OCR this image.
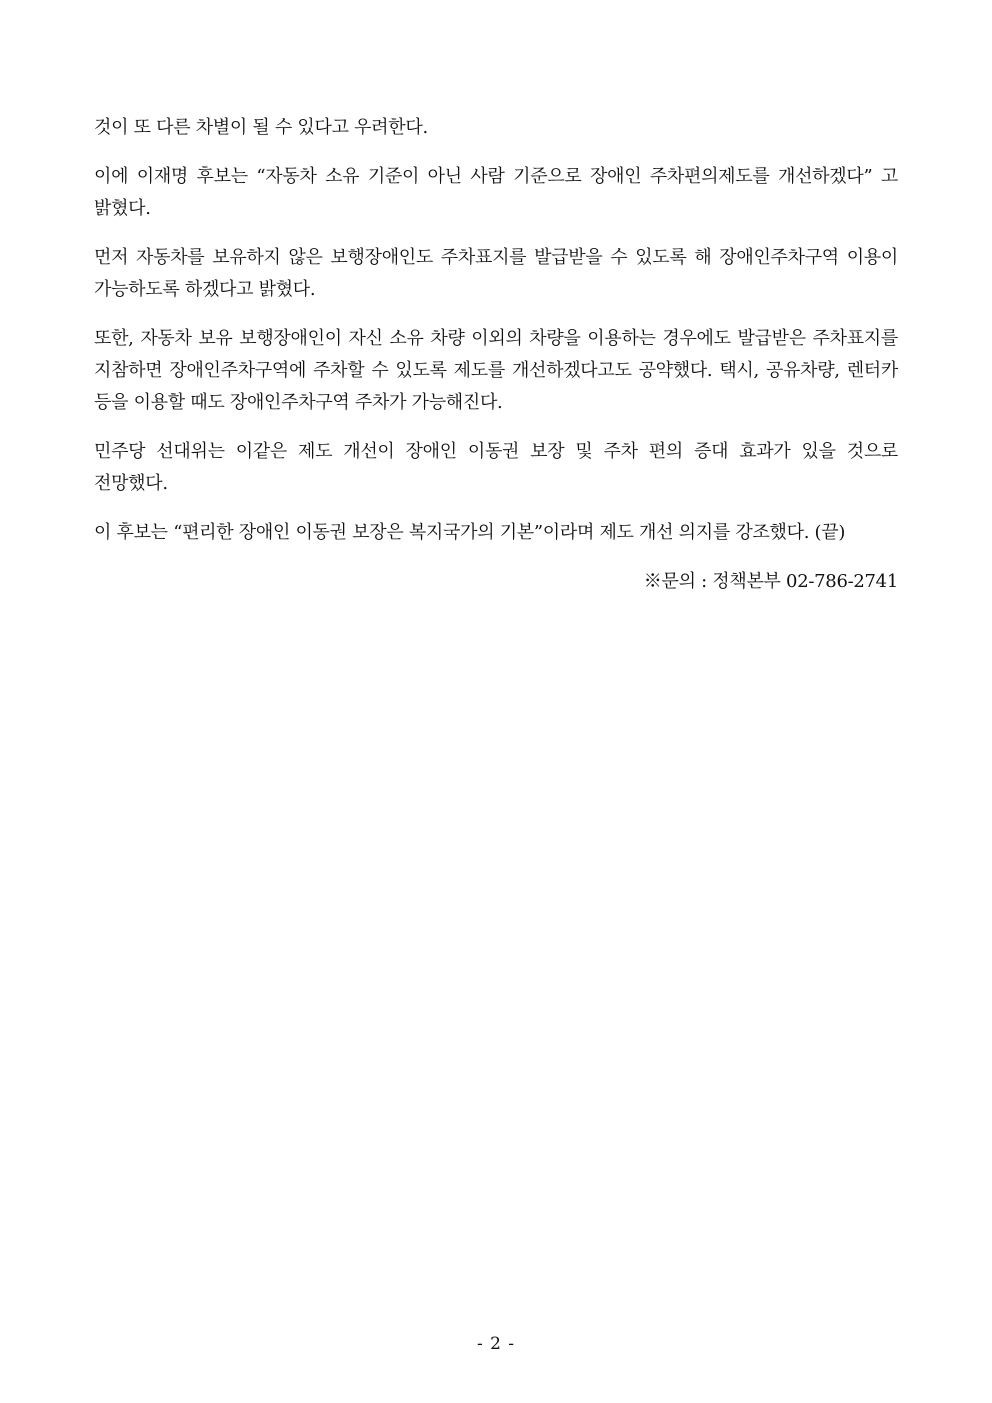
것이 또 다른 차별이 될 수 있다고 우려한다.

이에 이재명 후보는 “자동차 소유 기준이 아닌 사람 기준으로 장애인 주차편의제도를 개선하겠다” 고 밝혔다.

먼저 자동차를 보유하지 않은 보행장애인도 주차표지를 발급받을 수 있도록 해 장애인주차구역 이용이 가능하도록 하겠다고 밝혔다.

또한, 자동차 보유 보행장애인이 자신 소유 차량 이외의 차량을 이용하는 경우에도 발급받은 주차표지를 지참하면 장애인주차구역에 주차할 수 있도록 제도를 개선하겠다고도 공약했다. 택시, 공유차량, 렌터카 등을 이용할 때도 장애인주차구역 주차가 가능해진다.

민주당 선대위는 이같은 제도 개선이 장애인 이동권 보장 및 주차 편의 증대 효과가 있을 것으로 전망했다.

이 후보는 “편리한 장애인 이동권 보장은 복지국가의 기본”이라며 제도 개선 의지를 강조했다. (끝)

※문의 : 정책본부 02-786-2741

- 2 -
